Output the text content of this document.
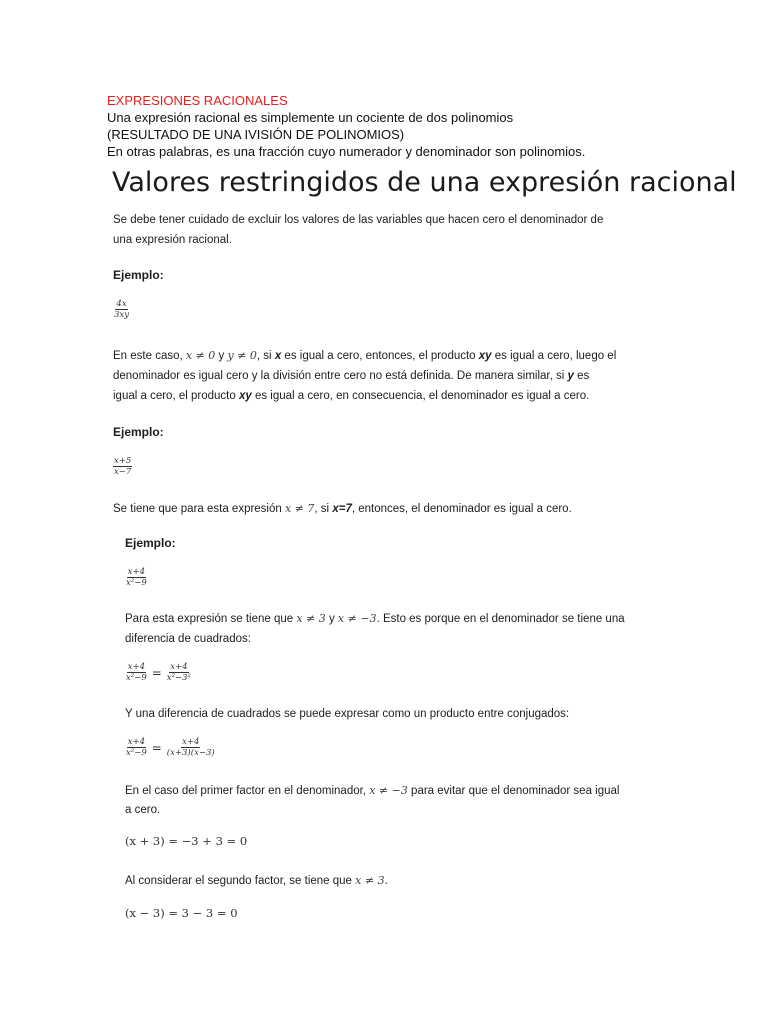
EXPRESIONES RACIONALES
Una expresión racional es simplemente un cociente de dos polinomios
(RESULTADO DE UNA IVISIÓN DE POLINOMIOS)
En otras palabras, es una fracción cuyo numerador y denominador son polinomios.
Valores restringidos de una expresión racional
Se debe tener cuidado de excluir los valores de las variables que hacen cero el denominador de
una expresión racional.
Ejemplo:
$\frac{4x}{3xy}$
En este caso, x ≠ 0 y y ≠ 0, si x es igual a cero, entonces, el producto xy es igual a cero, luego el
denominador es igual cero y la división entre cero no está definida. De manera similar, si y es
igual a cero, el producto xy es igual a cero, en consecuencia, el denominador es igual a cero.
Ejemplo:
$\frac{x+5}{x-7}$
Se tiene que para esta expresión x ≠ 7, si x=7, entonces, el denominador es igual a cero.
Ejemplo:
$\frac{x+4}{\text{x²−9}}$
Para esta expresión se tiene que x ≠ 3 y x ≠ −3. Esto es porque en el denominador se tiene una
diferencia de cuadrados:
$\frac{x+4}{\text{x²−9}} = \frac{x+4}{\text{x²−3²}}$
Y una diferencia de cuadrados se puede expresar como un producto entre conjugados:
$\frac{x+4}{\text{x²−9}} = \frac{x+4}{(x+3)(x-3)}$
En el caso del primer factor en el denominador, x ≠ −3 para evitar que el denominador sea igual
a cero.
(x + 3) = −3 + 3 = 0
Al considerar el segundo factor, se tiene que x ≠ 3.
(x − 3) = 3 − 3 = 0
